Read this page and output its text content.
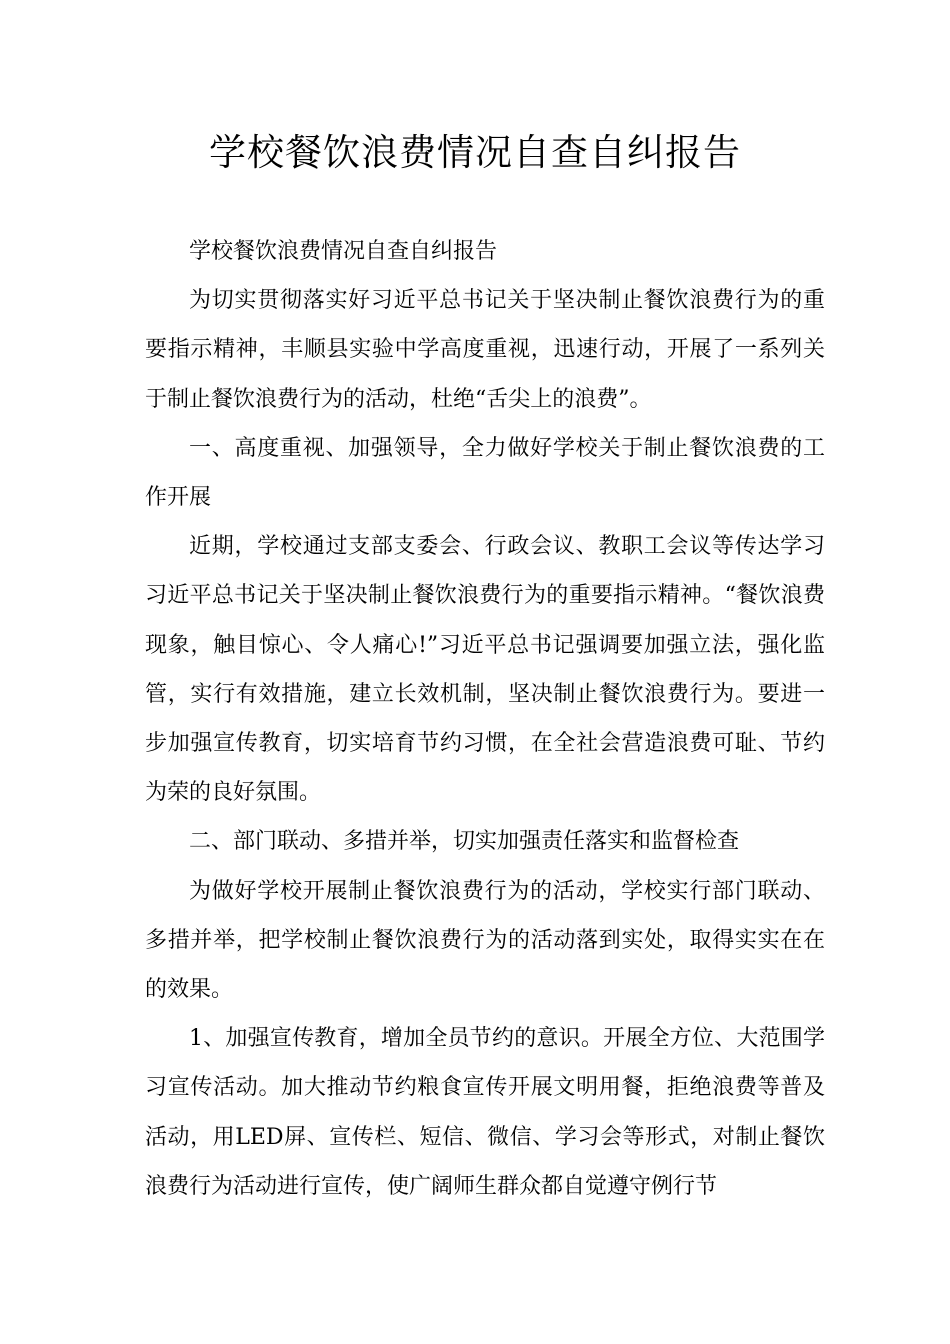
学校餐饮浪费情况自查自纠报告

学校餐饮浪费情况自查自纠报告

为切实贯彻落实好习近平总书记关于坚决制止餐饮浪费行为的重要指示精神，丰顺县实验中学高度重视，迅速行动，开展了一系列关于制止餐饮浪费行为的活动，杜绝“舌尖上的浪费”。

一、高度重视、加强领导，全力做好学校关于制止餐饮浪费的工作开展

近期，学校通过支部支委会、行政会议、教职工会议等传达学习习近平总书记关于坚决制止餐饮浪费行为的重要指示精神。“餐饮浪费现象，触目惊心、令人痛心!”习近平总书记强调要加强立法，强化监管，实行有效措施，建立长效机制，坚决制止餐饮浪费行为。要进一步加强宣传教育，切实培育节约习惯，在全社会营造浪费可耻、节约为荣的良好氛围。

二、部门联动、多措并举，切实加强责任落实和监督检查

为做好学校开展制止餐饮浪费行为的活动，学校实行部门联动、多措并举，把学校制止餐饮浪费行为的活动落到实处，取得实实在在的效果。

1、加强宣传教育，增加全员节约的意识。开展全方位、大范围学习宣传活动。加大推动节约粮食宣传开展文明用餐，拒绝浪费等普及活动，用LED屏、宣传栏、短信、微信、学习会等形式，对制止餐饮浪费行为活动进行宣传，使广阔师生群众都自觉遵守例行节
